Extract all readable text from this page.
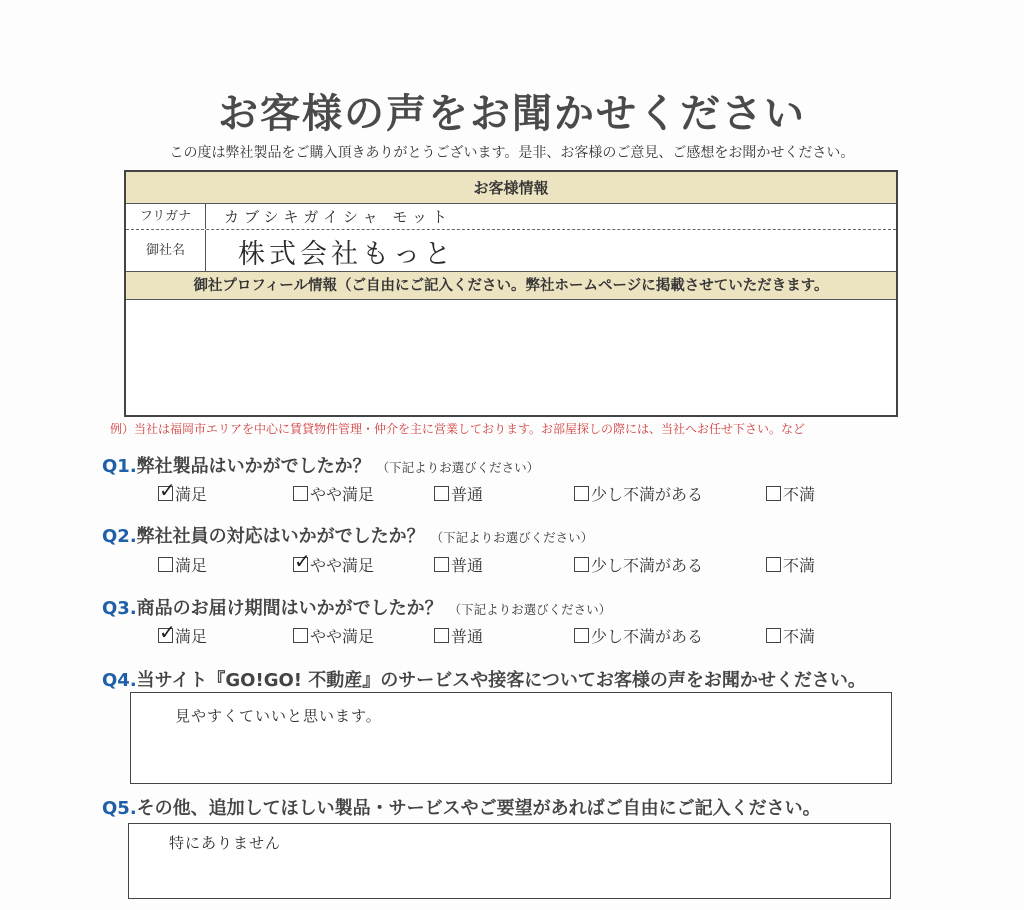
お客様の声をお聞かせください
この度は弊社製品をご購入頂きありがとうございます。是非、お客様のご意見、ご感想をお聞かせください。
お客様情報
フリガナ	カブシキガイシャ モット
御社名	株式会社もっと
御社プロフィール情報（ご自由にご記入ください。弊社ホームページに掲載させていただきます。
例）当社は福岡市エリアを中心に賃貸物件管理・仲介を主に営業しております。お部屋探しの際には、当社へお任せ下さい。など
Q1.弊社製品はいかがでしたか？ （下記よりお選びください）
✓ 満足	やや満足	普通	少し不満がある	不満
Q2.弊社社員の対応はいかがでしたか？ （下記よりお選びください）
満足	✓ やや満足	普通	少し不満がある	不満
Q3.商品のお届け期間はいかがでしたか？ （下記よりお選びください）
✓ 満足	やや満足	普通	少し不満がある	不満
Q4.当サイト『GO!GO! 不動産』のサービスや接客についてお客様の声をお聞かせください。
見やすくていいと思います。
Q5.その他、追加してほしい製品・サービスやご要望があればご自由にご記入ください。
特にありません
